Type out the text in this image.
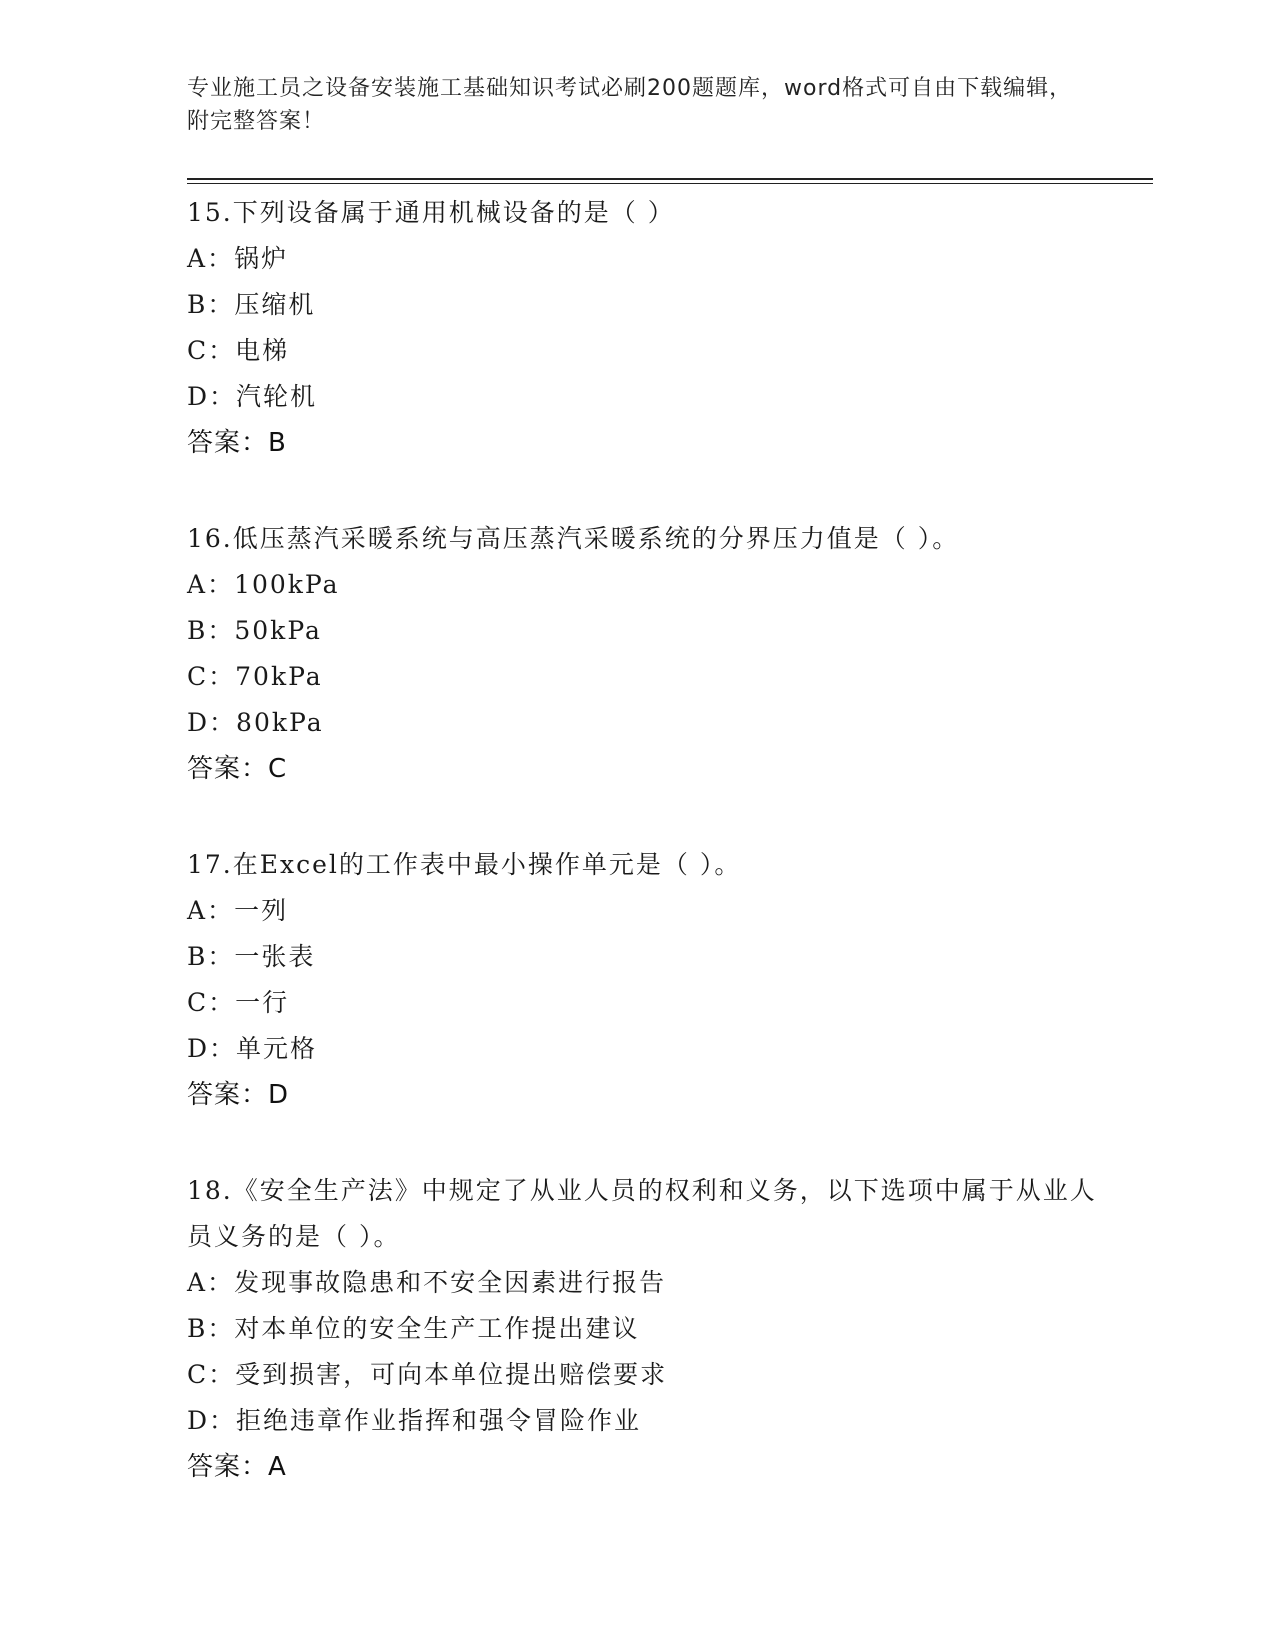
专业施工员之设备安装施工基础知识考试必刷200题题库，word格式可自由下载编辑，附完整答案！
15.下列设备属于通用机械设备的是（ ）
A：锅炉
B：压缩机
C：电梯
D：汽轮机
答案：B
16.低压蒸汽采暖系统与高压蒸汽采暖系统的分界压力值是（ ）。
A：100kPa
B：50kPa
C：70kPa
D：80kPa
答案：C
17.在Excel的工作表中最小操作单元是（ ）。
A：一列
B：一张表
C：一行
D：单元格
答案：D
18.《安全生产法》中规定了从业人员的权利和义务，以下选项中属于从业人员义务的是（ ）。
A：发现事故隐患和不安全因素进行报告
B：对本单位的安全生产工作提出建议
C：受到损害，可向本单位提出赔偿要求
D：拒绝违章作业指挥和强令冒险作业
答案：A
